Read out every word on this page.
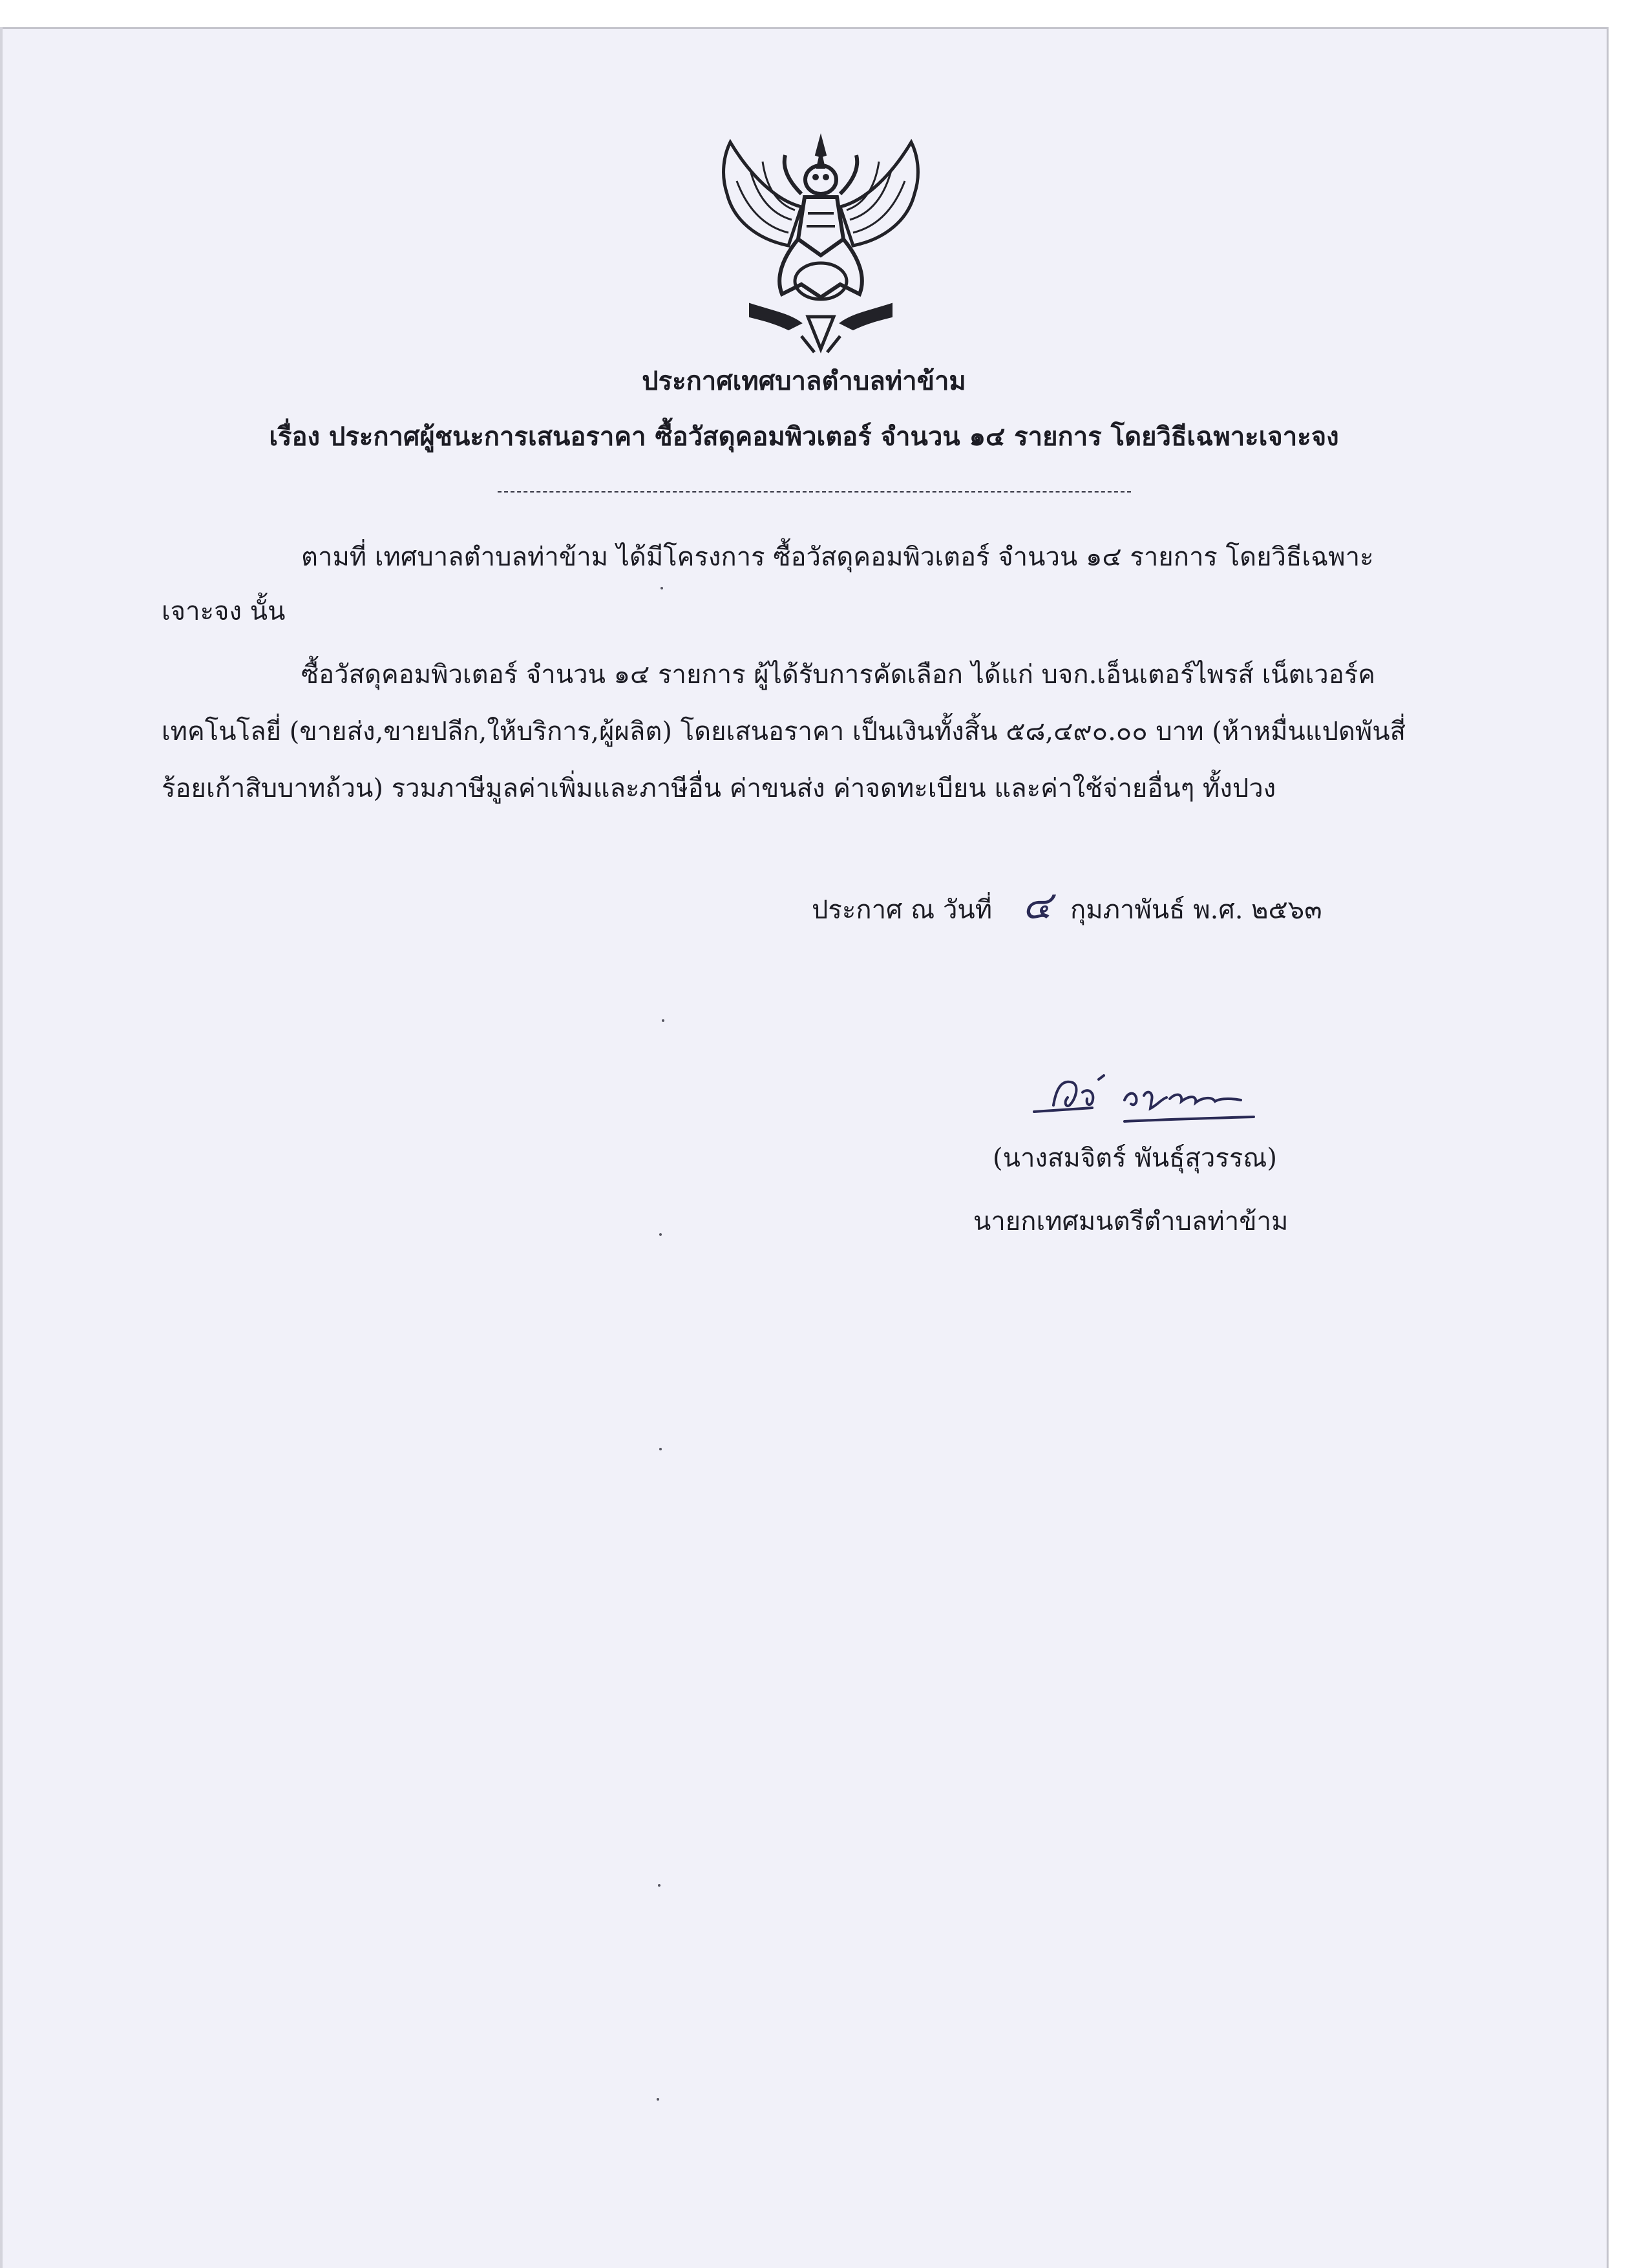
ประกาศเทศบาลตำบลท่าข้าม
เรื่อง ประกาศผู้ชนะการเสนอราคา ซื้อวัสดุคอมพิวเตอร์ จำนวน ๑๔ รายการ โดยวิธีเฉพาะเจาะจง
ตามที่ เทศบาลตำบลท่าข้าม ได้มีโครงการ ซื้อวัสดุคอมพิวเตอร์ จำนวน ๑๔ รายการ โดยวิธีเฉพาะ
เจาะจง นั้น
ซื้อวัสดุคอมพิวเตอร์ จำนวน ๑๔ รายการ ผู้ได้รับการคัดเลือก ได้แก่ บจก.เอ็นเตอร์ไพรส์ เน็ตเวอร์ค
เทคโนโลยี่ (ขายส่ง,ขายปลีก,ให้บริการ,ผู้ผลิต) โดยเสนอราคา เป็นเงินทั้งสิ้น ๕๘,๔๙๐.๐๐ บาท (ห้าหมื่นแปดพันสี่
ร้อยเก้าสิบบาทถ้วน) รวมภาษีมูลค่าเพิ่มและภาษีอื่น ค่าขนส่ง ค่าจดทะเบียน และค่าใช้จ่ายอื่นๆ ทั้งปวง
ประกาศ ณ วันที่ ๔ กุมภาพันธ์ พ.ศ. ๒๕๖๓
(นางสมจิตร์ พันธุ์สุวรรณ)
นายกเทศมนตรีตำบลท่าข้าม
